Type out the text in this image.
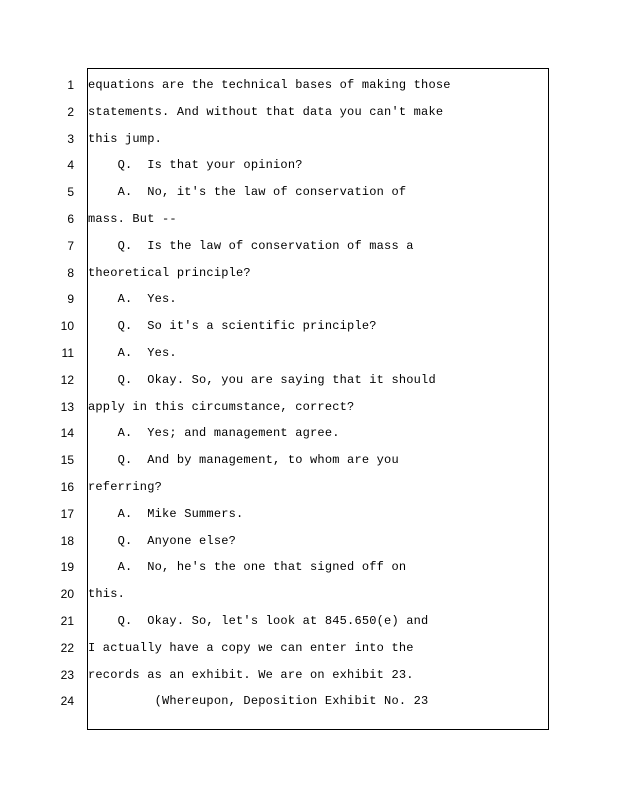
1
2
3
4
5
6
7
8
9
10
11
12
13
14
15
16
17
18
19
20
21
22
23
24
equations are the technical bases of making those
statements. And without that data you can't make
this jump.
Q.  Is that your opinion?
A.  No, it's the law of conservation of
mass. But --
Q.  Is the law of conservation of mass a
theoretical principle?
A.  Yes.
Q.  So it's a scientific principle?
A.  Yes.
Q.  Okay. So, you are saying that it should
apply in this circumstance, correct?
A.  Yes; and management agree.
Q.  And by management, to whom are you
referring?
A.  Mike Summers.
Q.  Anyone else?
A.  No, he's the one that signed off on
this.
Q.  Okay. So, let's look at 845.650(e) and
I actually have a copy we can enter into the
records as an exhibit. We are on exhibit 23.
(Whereupon, Deposition Exhibit No. 23
